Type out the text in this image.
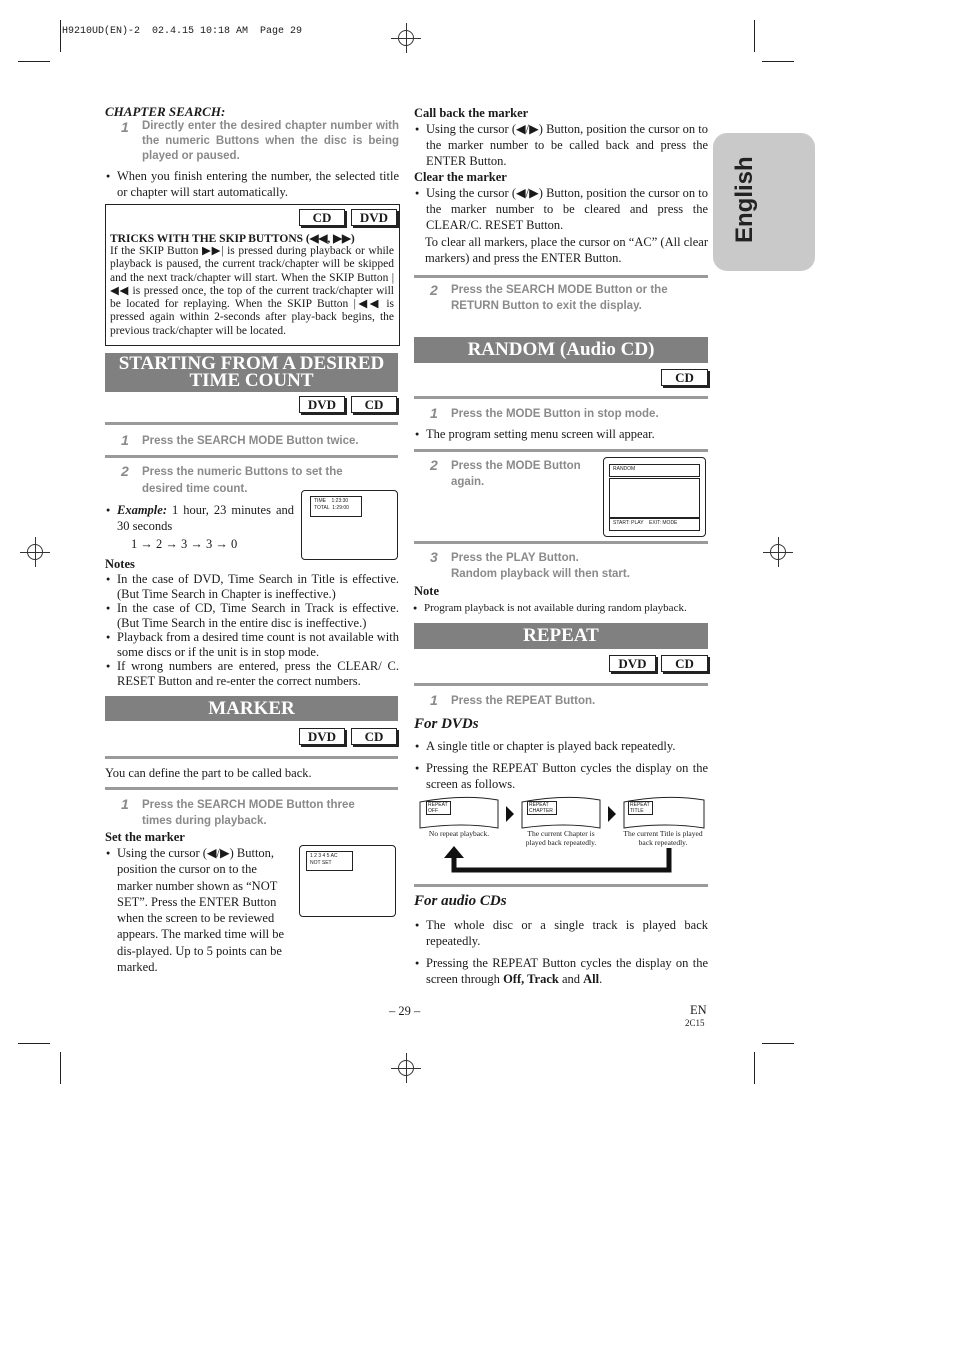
H9210UD(EN)-2  02.4.15 10:18 AM  Page 29
English
CHAPTER SEARCH:
1 Directly enter the desired chapter number with the numeric Buttons when the disc is being played or paused.
● When you finish entering the number, the selected title or chapter will start automatically.
CD	DVD
TRICKS WITH THE SKIP BUTTONS (◀◀, ▶▶)
If the SKIP Button ▶▶| is pressed during playback or while playback is paused, the current track/chapter will be skipped and the next track/chapter will start. When the SKIP Button |◀◀ is pressed once, the top of the current track/chapter will be located for replaying. When the SKIP Button |◀◀ is pressed again within 2-seconds after play-back begins, the previous track/chapter will be located.
STARTING FROM A DESIRED
TIME COUNT
DVD	CD
1 Press the SEARCH MODE Button twice.
2 Press the numeric Buttons to set the desired time count.
● Example: 1 hour, 23 minutes and 30 seconds
1 → 2 → 3 → 3 → 0
TIME    1:23:30
TOTAL  1:29:00
Notes
● In the case of DVD, Time Search in Title is effective. (But Time Search in Chapter is ineffective.)
● In the case of CD, Time Search in Track is effective. (But Time Search in the entire disc is ineffective.)
● Playback from a desired time count is not available with some discs or if the unit is in stop mode.
● If wrong numbers are entered, press the CLEAR/ C. RESET Button and re-enter the correct numbers.
MARKER
DVD	CD
You can define the part to be called back.
1 Press the SEARCH MODE Button three times during playback.
Set the marker
● Using the cursor (◀/▶) Button, position the cursor on to the marker number shown as “NOT SET”. Press the ENTER Button when the screen to be reviewed appears. The marked time will be dis-played. Up to 5 points can be marked.
1 2 3 4 5 AC
NOT SET
Call back the marker
● Using the cursor (◀/▶) Button, position the cursor on to the marker number to be called back and press the ENTER Button.
Clear the marker
● Using the cursor (◀/▶) Button, position the cursor on to the marker number to be cleared and press the CLEAR/C. RESET Button.
To clear all markers, place the cursor on “AC” (All clear markers) and press the ENTER Button.
2 Press the SEARCH MODE Button or the RETURN Button to exit the display.
RANDOM (Audio CD)
CD
1 Press the MODE Button in stop mode.
● The program setting menu screen will appear.
2 Press the MODE Button again.
RANDOM
START: PLAY EXIT: MODE
3 Press the PLAY Button.
Random playback will then start.
Note
● Program playback is not available during random playback.
REPEAT
DVD	CD
1 Press the REPEAT Button.
For DVDs
● A single title or chapter is played back repeatedly.
● Pressing the REPEAT Button cycles the display on the screen as follows.
REPEAT OFF
REPEAT CHAPTER
REPEAT TITLE
No repeat playback.	The current Chapter is played back repeatedly.
The current Title is played back repeatedly.
For audio CDs
● The whole disc or a single track is played back repeatedly.
● Pressing the REPEAT Button cycles the display on the screen through Off, Track and All.
– 29 –	EN
2C15
